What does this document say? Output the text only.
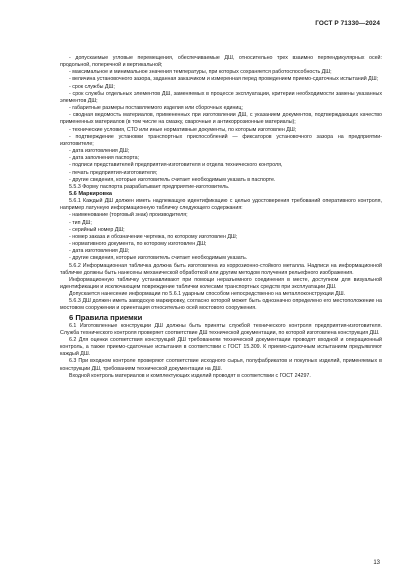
ГОСТ Р 71330—2024

- допускаемые угловые перемещения, обеспечиваемые ДШ, относительно трех взаимно перпендикулярных осей: продольной, поперечной и вертикальной;

- максимальное и минимальное значения температуры, при которых сохраняется работоспособность ДШ;

- величина установочного зазора, заданная заказчиком и измеренная перед проведением приемо-сдаточных испытаний ДШ;

- срок службы ДШ;

- срок службы отдельных элементов ДШ, заменяемых в процессе эксплуатации, критерии необходимости замены указанных элементов ДШ;

- габаритные размеры поставляемого изделия или сборочных единиц;

- сводная ведомость материалов, примененных при изготовлении ДШ, с указанием документов, подтверждающих качество примененных материалов (в том числе на смазку, сварочные и антикоррозионные материалы);

- технические условия, СТО или иные нормативные документы, по которым изготовлен ДШ;

- подтверждение установки транспортных приспособлений — фиксаторов установочного зазора на предприятии-изготовителе;

- дата изготовления ДШ;

- дата заполнения паспорта;

- подписи представителей предприятия-изготовителя и отдела технического контроля,

- печать предприятия-изготовителя;

- другие сведения, которые изготовитель считает необходимым указать в паспорте.

5.5.3 Форму паспорта разрабатывает предприятие-изготовитель.

5.6 Маркировка

5.6.1 Каждый ДШ должен иметь надлежащую идентификацию с целью удостоверения требований оперативного контроля, например латунную информационную табличку следующего содержания:

- наименование (торговый знак) производителя;

- тип ДШ;

- серийный номер ДШ;

- номер заказа и обозначение чертежа, по которому изготовлен ДШ;

- нормативного документа, по которому изготовлен ДШ;

- дата изготовления ДШ;

- другие сведения, которые изготовитель считает необходимым указать.

5.6.2 Информационная табличка должна быть изготовлена из коррозионно-стойкого металла. Надписи на информационной табличке должны быть нанесены механической обработкой или другим методом получения рельефного изображения.

Информационную табличку устанавливают при помощи неразъемного соединения в месте, доступном для визуальной идентификации и исключающем повреждение таблички колесами транспортных средств при эксплуатации ДШ.

Допускается нанесение информации по 5.6.1 ударным способом непосредственно на металлоконструкции ДШ.

5.6.3 ДШ должен иметь заводскую маркировку, согласно которой может быть однозначно определено его местоположение на мостовом сооружении и ориентация относительно осей мостового сооружения.

6 Правила приемки

6.1 Изготовленные конструкции ДШ должны быть приняты службой технического контроля предприятия-изготовителя. Служба технического контроля проверяет соответствие ДШ технической документации, по которой изготовлена конструкция ДШ.

6.2 Для оценки соответствия конструкций ДШ требованиям технической документации проводят входной и операционный контроль, а также приемо-сдаточные испытания в соответствии с ГОСТ 15.309. К приемо-сдаточным испытаниям предъявляют каждый ДШ.

6.3 При входном контроле проверяют соответствие исходного сырья, полуфабрикатов и покупных изделий, применяемых в конструкции ДШ, требованиям технической документации на ДШ.

Входной контроль материалов и комплектующих изделий проводят в соответствии с ГОСТ 24297.

13
